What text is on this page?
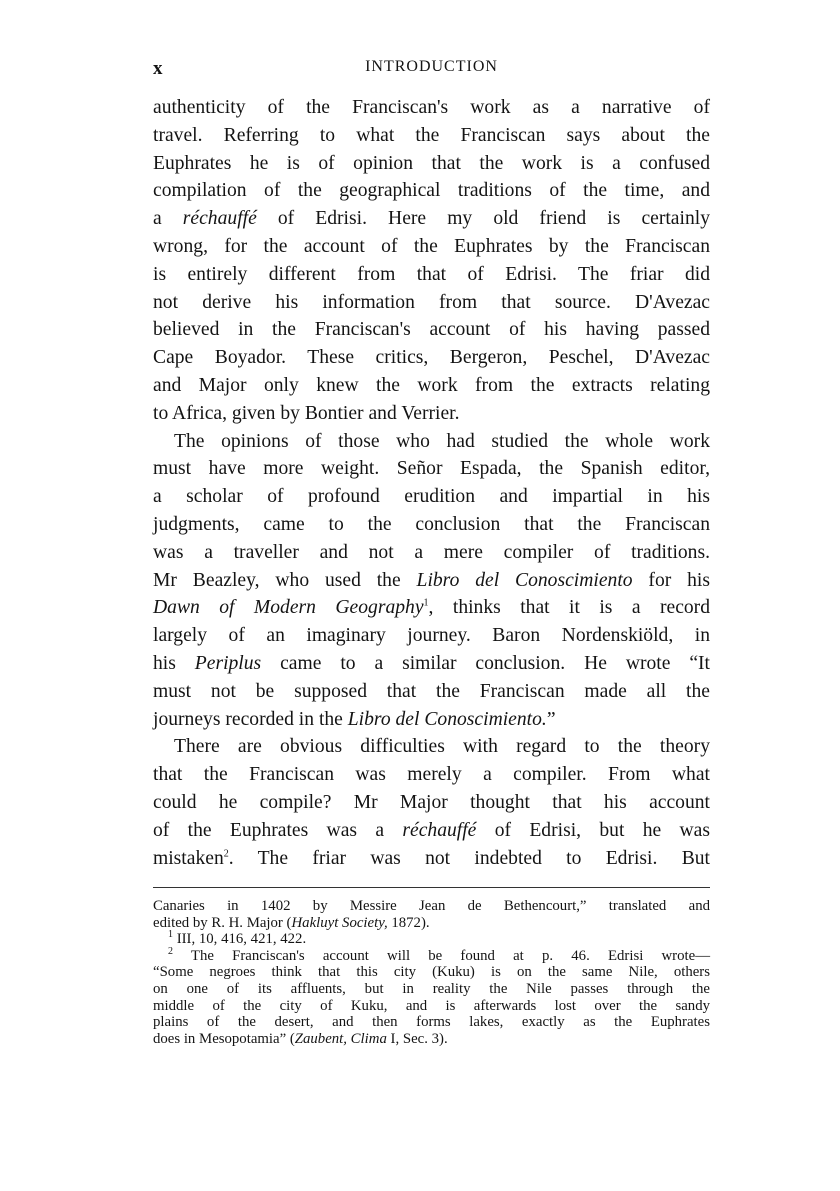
x	INTRODUCTION
authenticity of the Franciscan's work as a narrative of
travel. Referring to what the Franciscan says about the
Euphrates he is of opinion that the work is a confused
compilation of the geographical traditions of the time, and
a réchauffé of Edrisi. Here my old friend is certainly
wrong, for the account of the Euphrates by the Franciscan
is entirely different from that of Edrisi. The friar did
not derive his information from that source. D'Avezac
believed in the Franciscan's account of his having passed
Cape Boyador. These critics, Bergeron, Peschel, D'Avezac
and Major only knew the work from the extracts relating
to Africa, given by Bontier and Verrier.
The opinions of those who had studied the whole work
must have more weight. Señor Espada, the Spanish editor,
a scholar of profound erudition and impartial in his
judgments, came to the conclusion that the Franciscan
was a traveller and not a mere compiler of traditions.
Mr Beazley, who used the Libro del Conoscimiento for his
Dawn of Modern Geography$^1$, thinks that it is a record
largely of an imaginary journey. Baron Nordenskiöld, in
his Periplus came to a similar conclusion. He wrote “It
must not be supposed that the Franciscan made all the
journeys recorded in the Libro del Conoscimiento.”
There are obvious difficulties with regard to the theory
that the Franciscan was merely a compiler. From what
could he compile? Mr Major thought that his account
of the Euphrates was a réchauffé of Edrisi, but he was
mistaken$^2$. The friar was not indebted to Edrisi. But
Canaries in 1402 by Messire Jean de Bethencourt,” translated and
edited by R. H. Major (Hakluyt Society, 1872).
$^1$ III, 10, 416, 421, 422.
$^2$ The Franciscan's account will be found at p. 46. Edrisi wrote—
“Some negroes think that this city (Kuku) is on the same Nile, others
on one of its affluents, but in reality the Nile passes through the
middle of the city of Kuku, and is afterwards lost over the sandy
plains of the desert, and then forms lakes, exactly as the Euphrates
does in Mesopotamia” (Zaubent, Clima I, Sec. 3).
